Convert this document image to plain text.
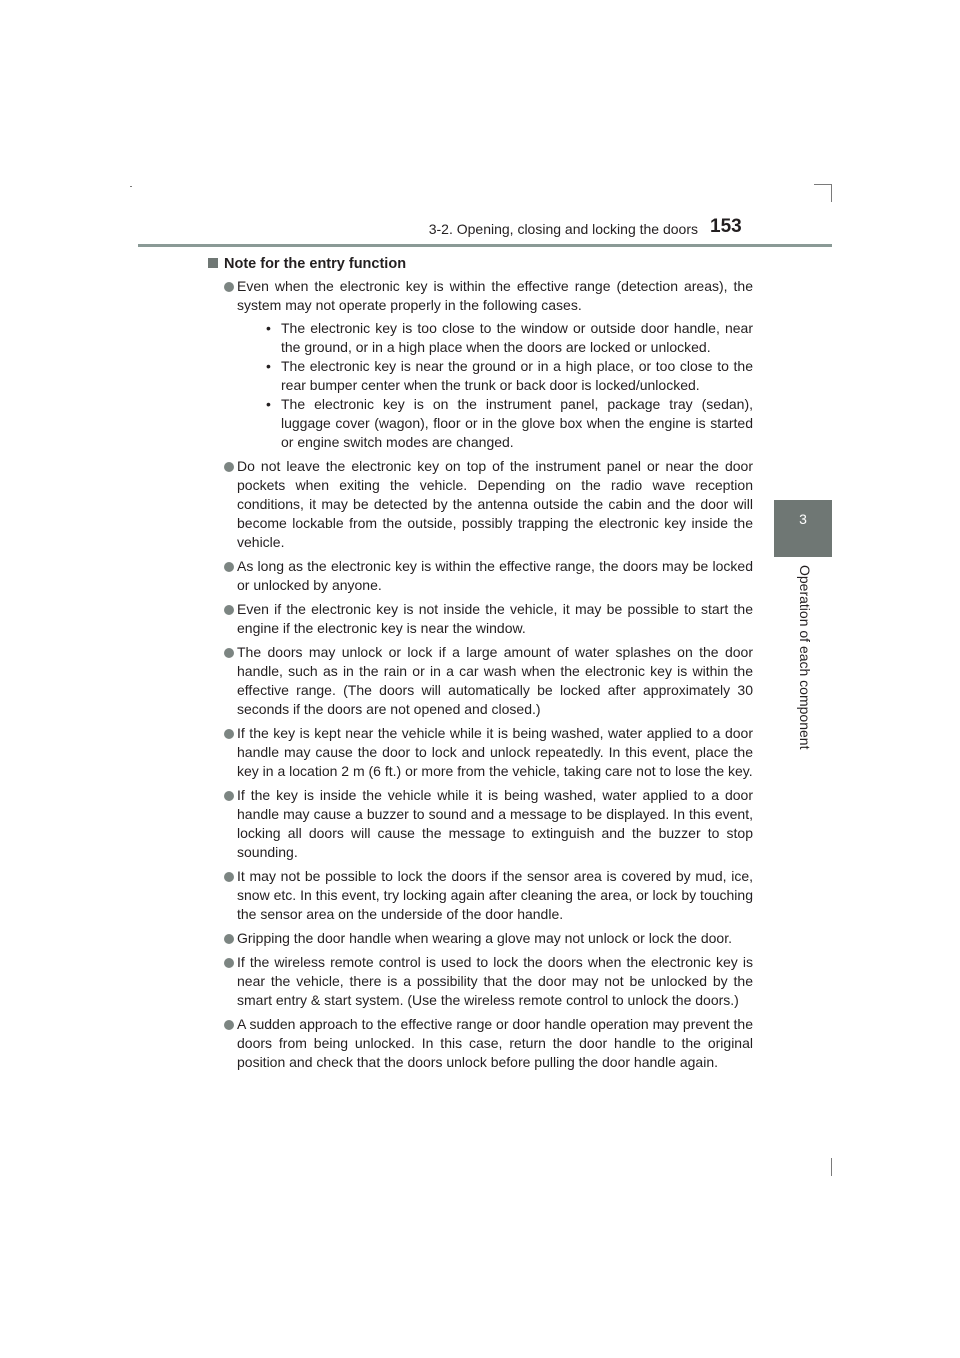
3-2. Opening, closing and locking the doors 153
3
Operation of each component
Note for the entry function
Even when the electronic key is within the effective range (detection areas), the system may not operate properly in the following cases.
• The electronic key is too close to the window or outside door handle, near the ground, or in a high place when the doors are locked or unlocked.
• The electronic key is near the ground or in a high place, or too close to the rear bumper center when the trunk or back door is locked/unlocked.
• The electronic key is on the instrument panel, package tray (sedan), luggage cover (wagon), floor or in the glove box when the engine is started or engine switch modes are changed.
Do not leave the electronic key on top of the instrument panel or near the door pockets when exiting the vehicle. Depending on the radio wave reception conditions, it may be detected by the antenna outside the cabin and the door will become lockable from the outside, possibly trapping the electronic key inside the vehicle.
As long as the electronic key is within the effective range, the doors may be locked or unlocked by anyone.
Even if the electronic key is not inside the vehicle, it may be possible to start the engine if the electronic key is near the window.
The doors may unlock or lock if a large amount of water splashes on the door handle, such as in the rain or in a car wash when the electronic key is within the effective range. (The doors will automatically be locked after approximately 30 seconds if the doors are not opened and closed.)
If the key is kept near the vehicle while it is being washed, water applied to a door handle may cause the door to lock and unlock repeatedly. In this event, place the key in a location 2 m (6 ft.) or more from the vehicle, taking care not to lose the key.
If the key is inside the vehicle while it is being washed, water applied to a door handle may cause a buzzer to sound and a message to be displayed. In this event, locking all doors will cause the message to extinguish and the buzzer to stop sounding.
It may not be possible to lock the doors if the sensor area is covered by mud, ice, snow etc. In this event, try locking again after cleaning the area, or lock by touching the sensor area on the underside of the door handle.
Gripping the door handle when wearing a glove may not unlock or lock the door.
If the wireless remote control is used to lock the doors when the electronic key is near the vehicle, there is a possibility that the door may not be unlocked by the smart entry & start system. (Use the wireless remote control to unlock the doors.)
A sudden approach to the effective range or door handle operation may prevent the doors from being unlocked. In this case, return the door handle to the original position and check that the doors unlock before pulling the door handle again.
